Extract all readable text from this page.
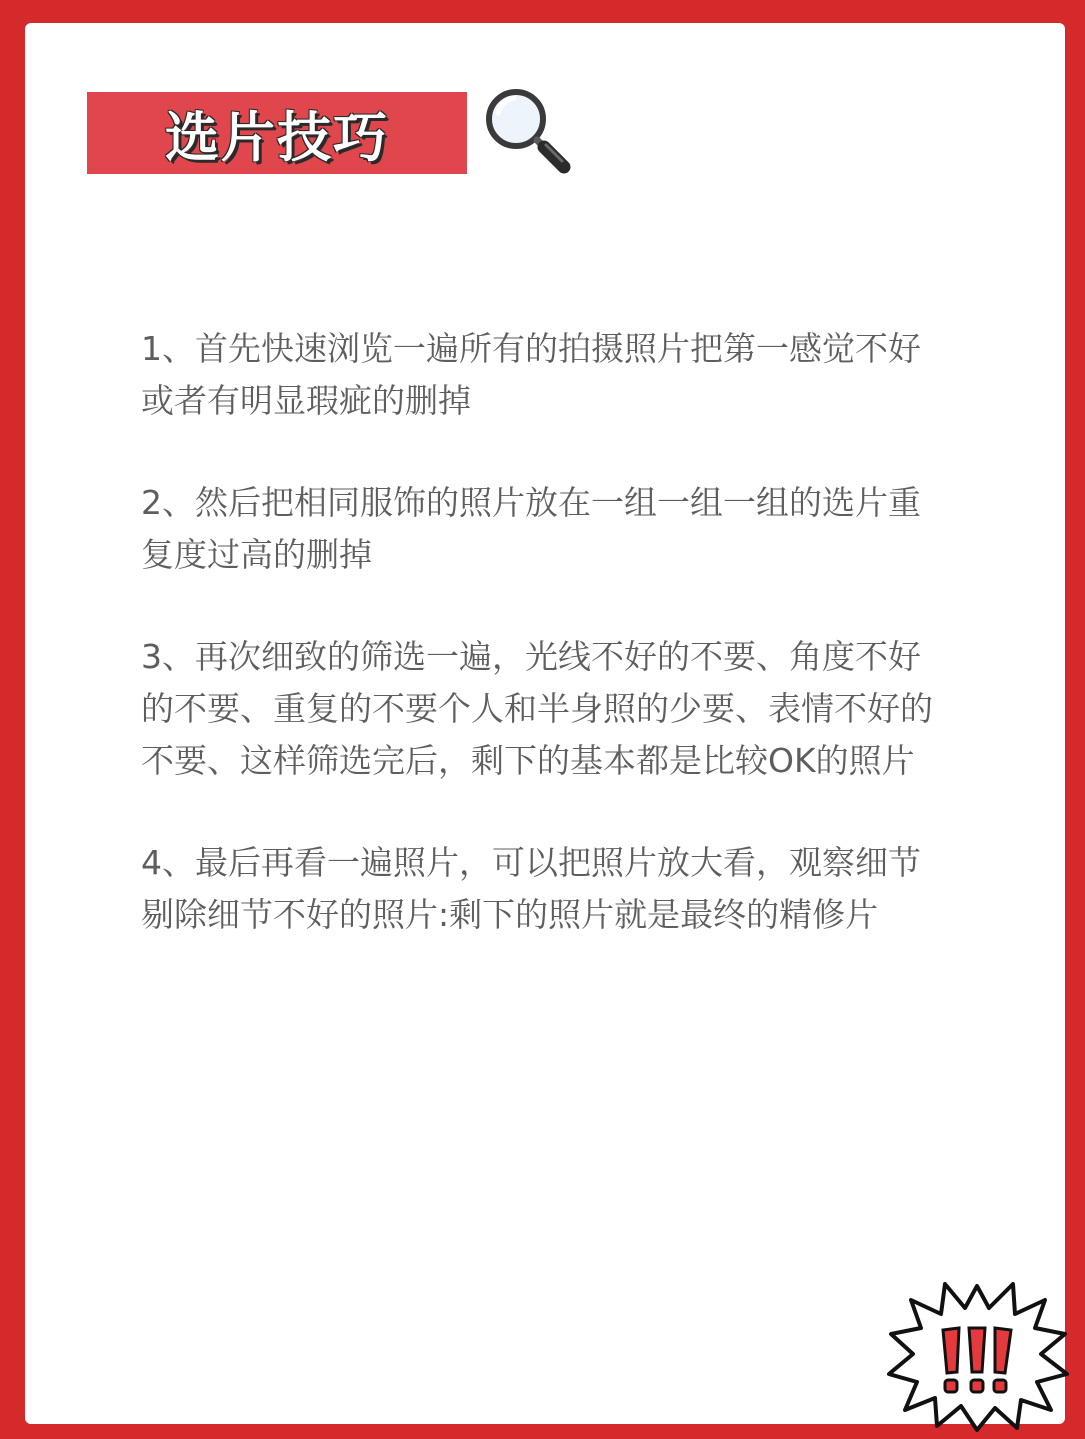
选片技巧

1、首先快速浏览一遍所有的拍摄照片把第一感觉不好或者有明显瑕疵的删掉

2、然后把相同服饰的照片放在一组一组一组的选片重复度过高的删掉

3、再次细致的筛选一遍，光线不好的不要、角度不好的不要、重复的不要个人和半身照的少要、表情不好的不要、这样筛选完后，剩下的基本都是比较OK的照片

4、最后再看一遍照片，可以把照片放大看，观察细节剔除细节不好的照片:剩下的照片就是最终的精修片
